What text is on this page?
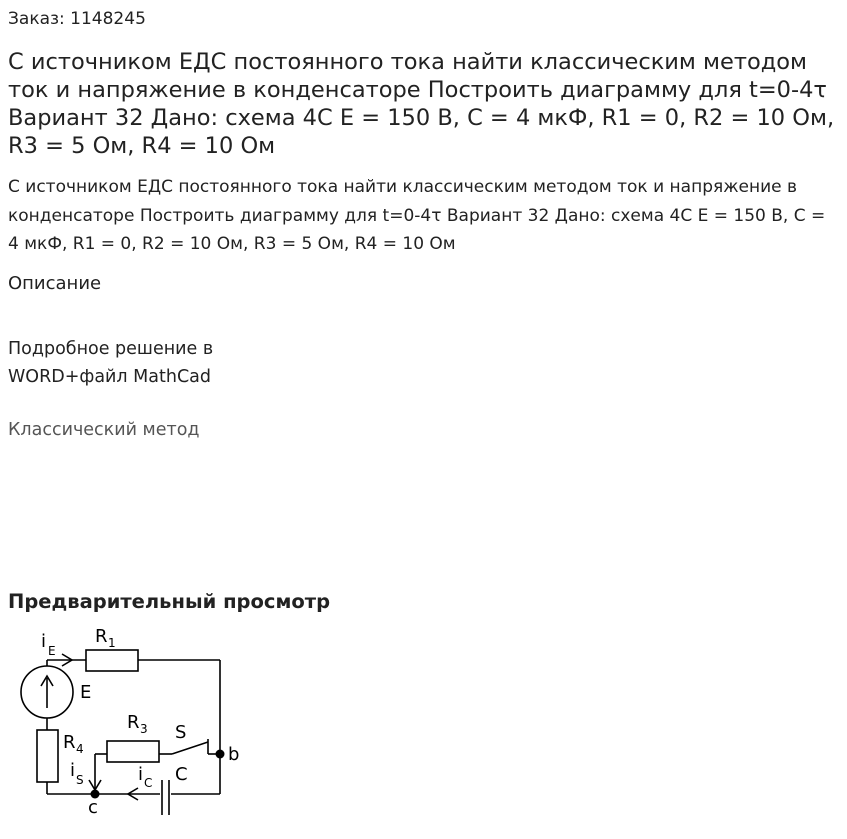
Заказ: 1148245
С источником ЕДС постоянного тока найти классическим методом ток и напряжение в конденсаторе Построить диаграмму для t=0-4τ Вариант 32 Дано: схема 4С E = 150 В, C = 4 мкФ, R1 = 0, R2 = 10 Ом, R3 = 5 Ом, R4 = 10 Ом
С источником ЕДС постоянного тока найти классическим методом ток и напряжение в конденсаторе Построить диаграмму для t=0-4τ Вариант 32 Дано: схема 4С E = 150 В, C = 4 мкФ, R1 = 0, R2 = 10 Ом, R3 = 5 Ом, R4 = 10 Ом
Описание
Подробное решение в WORD+файл MathCad
Классический метод
Предварительный просмотр
i E
R 1
E
R 3 S
R 4	b
i S	i C C
c
